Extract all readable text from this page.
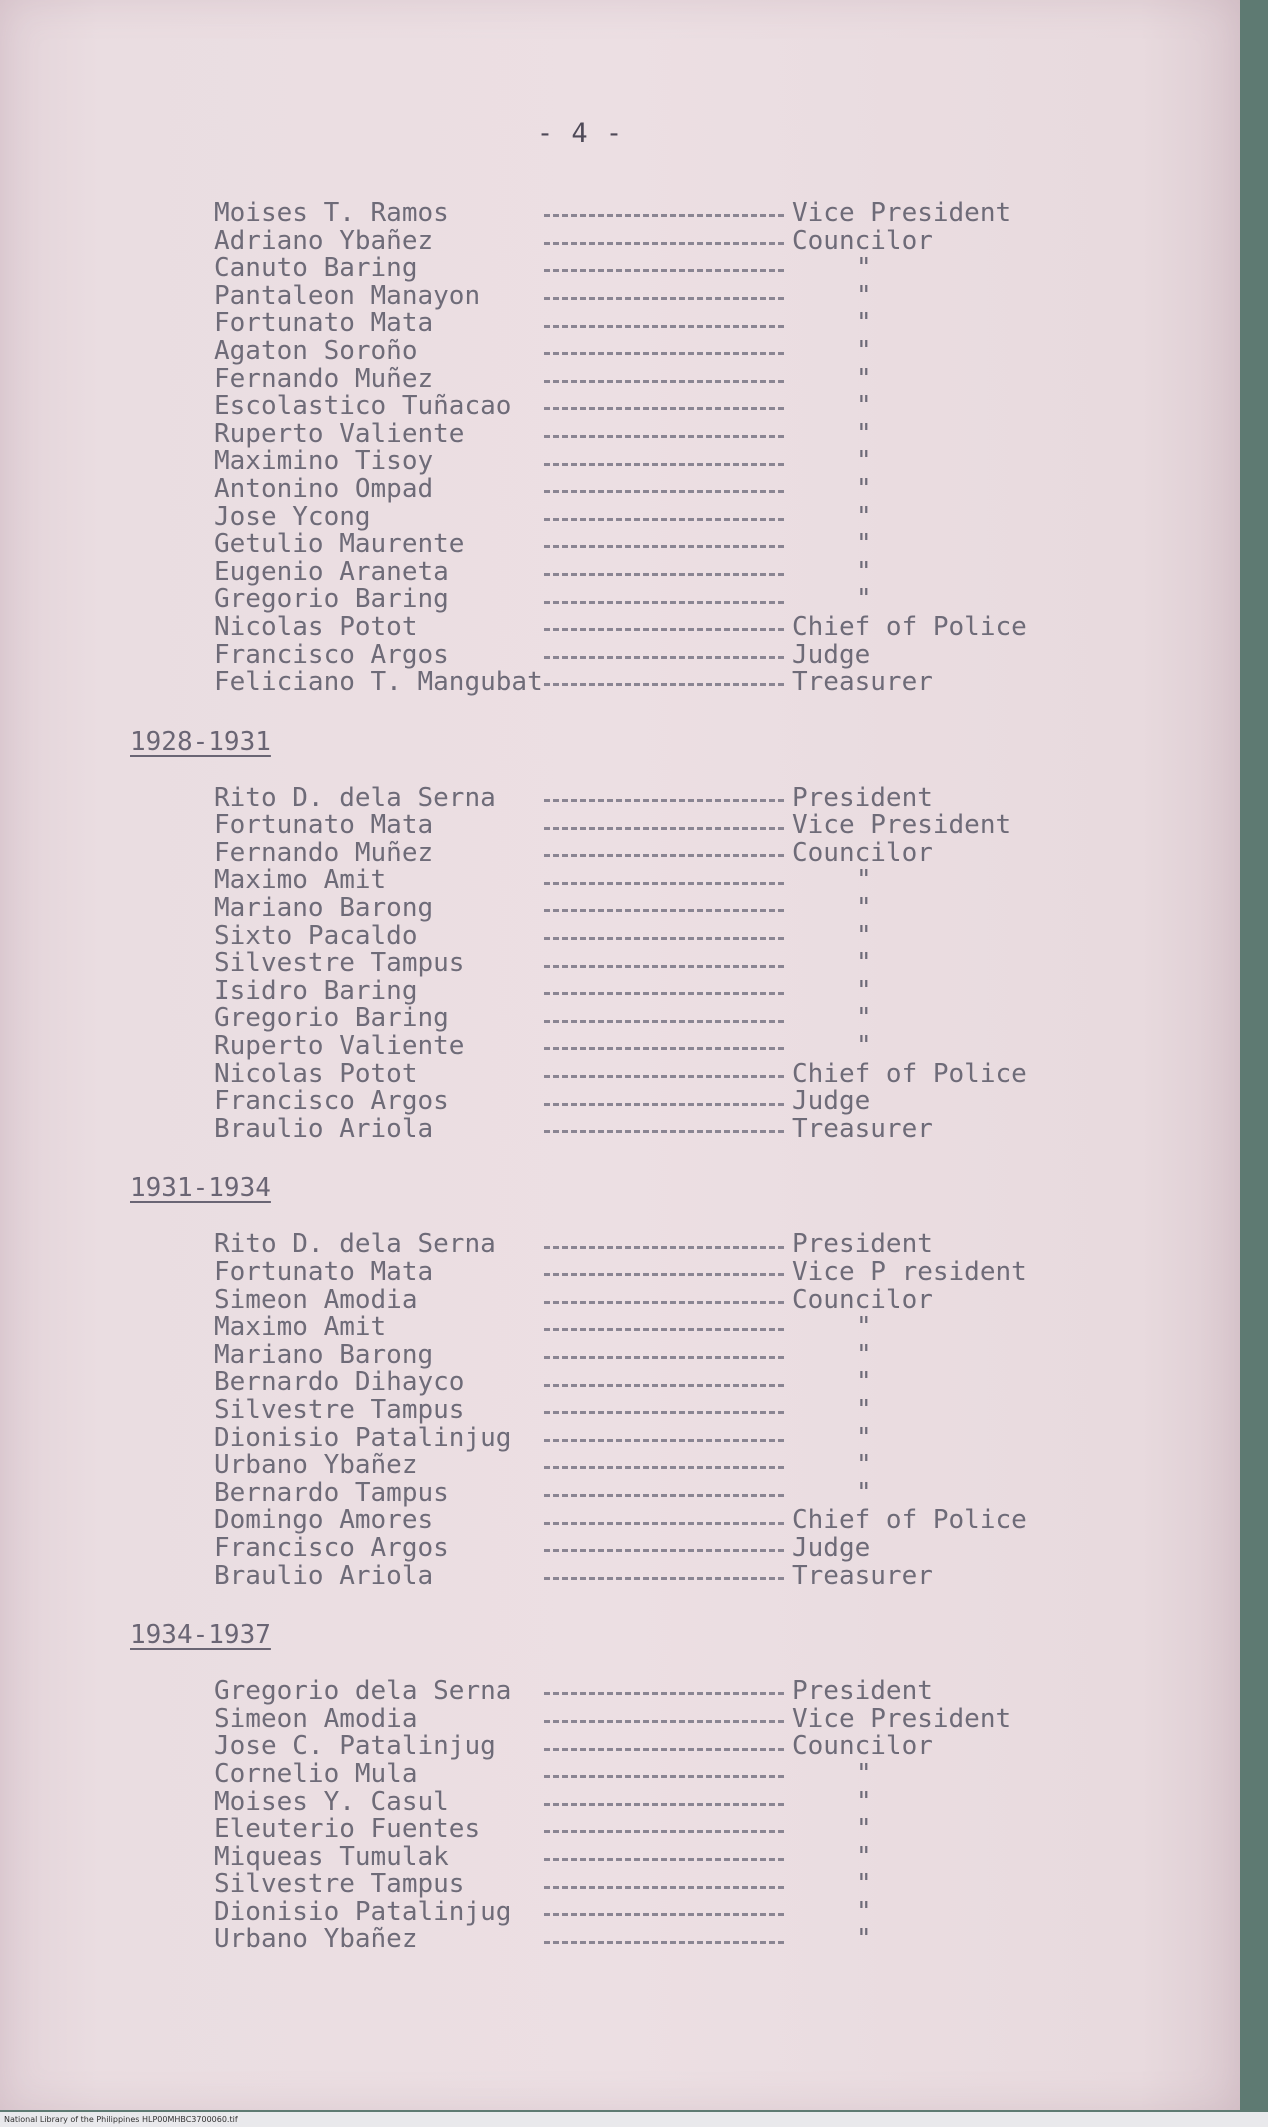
- 4 -
Moises T. Ramos	Vice President
Adriano Ybañez	Councilor
Canuto Baring	"
Pantaleon Manayon	"
Fortunato Mata	"
Agaton Soroño	"
Fernando Muñez	"
Escolastico Tuñacao	"
Ruperto Valiente	"
Maximino Tisoy	"
Antonino Ompad	"
Jose Ycong	"
Getulio Maurente	"
Eugenio Araneta	"
Gregorio Baring	"
Nicolas Potot	Chief of Police
Francisco Argos	Judge
Feliciano T. Mangubat	Treasurer
1928-1931
Rito D. dela Serna	President
Fortunato Mata	Vice President
Fernando Muñez	Councilor
Maximo Amit	"
Mariano Barong	"
Sixto Pacaldo	"
Silvestre Tampus	"
Isidro Baring	"
Gregorio Baring	"
Ruperto Valiente	"
Nicolas Potot	Chief of Police
Francisco Argos	Judge
Braulio Ariola	Treasurer
1931-1934
Rito D. dela Serna	President
Fortunato Mata	Vice P resident
Simeon Amodia	Councilor
Maximo Amit	"
Mariano Barong	"
Bernardo Dihayco	"
Silvestre Tampus	"
Dionisio Patalinjug	"
Urbano Ybañez	"
Bernardo Tampus	"
Domingo Amores	Chief of Police
Francisco Argos	Judge
Braulio Ariola	Treasurer
1934-1937
Gregorio dela Serna	President
Simeon Amodia	Vice President
Jose C. Patalinjug	Councilor
Cornelio Mula	"
Moises Y. Casul	"
Eleuterio Fuentes	"
Miqueas Tumulak	"
Silvestre Tampus	"
Dionisio Patalinjug	"
Urbano Ybañez	"
National Library of the Philippines HLP00MHBC3700060.tif
